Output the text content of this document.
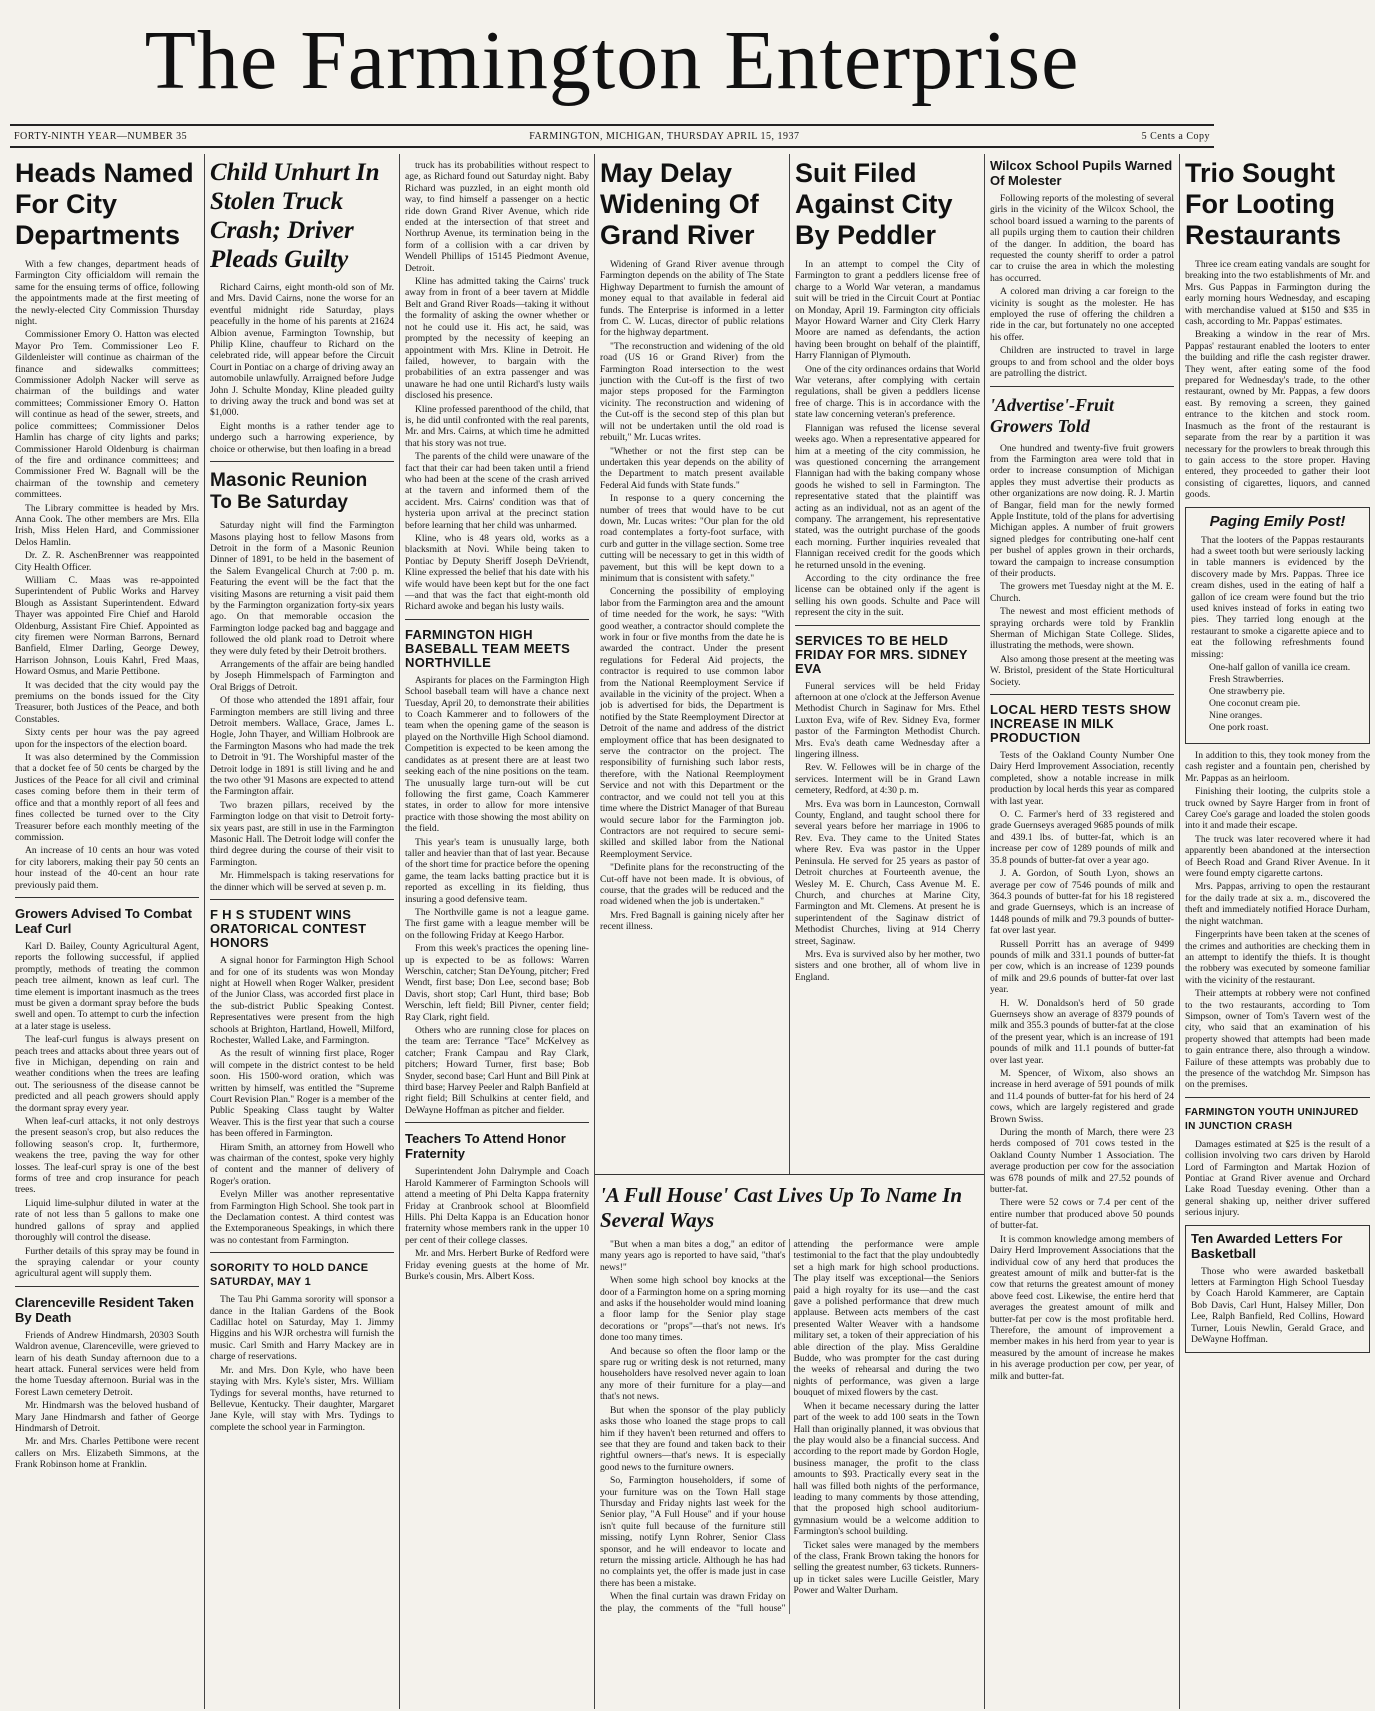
The Farmington Enterprise
FORTY-NINTH YEAR—NUMBER 35	FARMINGTON, MICHIGAN, THURSDAY APRIL 15, 1937	5 Cents a Copy
Heads Named For City Departments

With a few changes, department heads of Farmington City officialdom will remain the same for the ensuing terms of office, following the appointments made at the first meeting of the newly-elected City Commission Thursday night.

Commissioner Emory O. Hatton was elected Mayor Pro Tem. Commissioner Leo F. Gildenleister will continue as chairman of the finance and sidewalks committees; Commissioner Adolph Nacker will serve as chairman of the buildings and water committees; Commissioner Emory O. Hatton will continue as head of the sewer, streets, and police committees; Commissioner Delos Hamlin has charge of city lights and parks; Commissioner Harold Oldenburg is chairman of the fire and ordinance committees; and Commissioner Fred W. Bagnall will be the chairman of the township and cemetery committees.

The Library committee is headed by Mrs. Anna Cook. The other members are Mrs. Ella Irish, Miss Helen Hard, and Commissioner Delos Hamlin.

Dr. Z. R. AschenBrenner was reappointed City Health Officer.

William C. Maas was re-appointed Superintendent of Public Works and Harvey Blough as Assistant Superintendent. Edward Thayer was appointed Fire Chief and Harold Oldenburg, Assistant Fire Chief. Appointed as city firemen were Norman Barrons, Bernard Banfield, Elmer Darling, George Dewey, Harrison Johnson, Louis Kahrl, Fred Maas, Howard Osmus, and Marie Pettibone.

It was decided that the city would pay the premiums on the bonds issued for the City Treasurer, both Justices of the Peace, and both Constables.

Sixty cents per hour was the pay agreed upon for the inspectors of the election board.

It was also determined by the Commission that a docket fee of 50 cents be charged by the Justices of the Peace for all civil and criminal cases coming before them in their term of office and that a monthly report of all fees and fines collected be turned over to the City Treasurer before each monthly meeting of the commission.

An increase of 10 cents an hour was voted for city laborers, making their pay 50 cents an hour instead of the 40-cent an hour rate previously paid them.

Growers Advised To Combat Leaf Curl

Karl D. Bailey, County Agricultural Agent, reports the following successful, if applied promptly, methods of treating the common peach tree ailment, known as leaf curl. The time element is important inasmuch as the trees must be given a dormant spray before the buds swell and open. To attempt to curb the infection at a later stage is useless.

The leaf-curl fungus is always present on peach trees and attacks about three years out of five in Michigan, depending on rain and weather conditions when the trees are leafing out. The seriousness of the disease cannot be predicted and all peach growers should apply the dormant spray every year.

When leaf-curl attacks, it not only destroys the present season's crop, but also reduces the following season's crop. It, furthermore, weakens the tree, paving the way for other losses. The leaf-curl spray is one of the best forms of tree and crop insurance for peach trees.

Liquid lime-sulphur diluted in water at the rate of not less than 5 gallons to make one hundred gallons of spray and applied thoroughly will control the disease.

Further details of this spray may be found in the spraying calendar or your county agricultural agent will supply them.

Clarenceville Resident Taken By Death

Friends of Andrew Hindmarsh, 20303 South Waldron avenue, Clarenceville, were grieved to learn of his death Sunday afternoon due to a heart attack. Funeral services were held from the home Tuesday afternoon. Burial was in the Forest Lawn cemetery Detroit.

Mr. Hindmarsh was the beloved husband of Mary Jane Hindmarsh and father of George Hindmarsh of Detroit.

Mr. and Mrs. Charles Pettibone were recent callers on Mrs. Elizabeth Simmons, at the Frank Robinson home at Franklin.

Child Unhurt In Stolen Truck Crash; Driver Pleads Guilty

Richard Cairns, eight month-old son of Mr. and Mrs. David Cairns, none the worse for an eventful midnight ride Saturday, plays peacefully in the home of his parents at 21624 Albion avenue, Farmington Township, but Philip Kline, chauffeur to Richard on the celebrated ride, will appear before the Circuit Court in Pontiac on a charge of driving away an automobile unlawfully. Arraigned before Judge John J. Schulte Monday, Kline pleaded guilty to driving away the truck and bond was set at $1,000.

Eight months is a rather tender age to undergo such a harrowing experience, by choice or otherwise, but then loafing in a bread

Masonic Reunion To Be Saturday

Saturday night will find the Farmington Masons playing host to fellow Masons from Detroit in the form of a Masonic Reunion Dinner of 1891, to be held in the basement of the Salem Evangelical Church at 7:00 p. m. Featuring the event will be the fact that the visiting Masons are returning a visit paid them by the Farmington organization forty-six years ago. On that memorable occasion the Farmington lodge packed bag and baggage and followed the old plank road to Detroit where they were duly feted by their Detroit brothers.

Arrangements of the affair are being handled by Joseph Himmelspach of Farmington and Oral Briggs of Detroit.

Of those who attended the 1891 affair, four Farmington members are still living and three Detroit members. Wallace, Grace, James L. Hogle, John Thayer, and William Holbrook are the Farmington Masons who had made the trek to Detroit in '91. The Worshipful master of the Detroit lodge in 1891 is still living and he and the two other '91 Masons are expected to attend the Farmington affair.

Two brazen pillars, received by the Farmington lodge on that visit to Detroit forty-six years past, are still in use in the Farmington Masonic Hall. The Detroit lodge will confer the third degree during the course of their visit to Farmington.

Mr. Himmelspach is taking reservations for the dinner which will be served at seven p. m.

F H S STUDENT WINS ORATORICAL CONTEST HONORS

A signal honor for Farmington High School and for one of its students was won Monday night at Howell when Roger Walker, president of the Junior Class, was accorded first place in the sub-district Public Speaking Contest. Representatives were present from the high schools at Brighton, Hartland, Howell, Milford, Rochester, Walled Lake, and Farmington.

As the result of winning first place, Roger will compete in the district contest to be held soon. His 1500-word oration, which was written by himself, was entitled the "Supreme Court Revision Plan." Roger is a member of the Public Speaking Class taught by Walter Weaver. This is the first year that such a course has been offered in Farmington.

Hiram Smith, an attorney from Howell who was chairman of the contest, spoke very highly of content and the manner of delivery of Roger's oration.

Evelyn Miller was another representative from Farmington High School. She took part in the Declamation contest. A third contest was the Extemporaneous Speakings, in which there was no contestant from Farmington.

SORORITY TO HOLD DANCE SATURDAY, MAY 1

The Tau Phi Gamma sorority will sponsor a dance in the Italian Gardens of the Book Cadillac hotel on Saturday, May 1. Jimmy Higgins and his WJR orchestra will furnish the music. Carl Smith and Harry Mackey are in charge of reservations.

Mr. and Mrs. Don Kyle, who have been staying with Mrs. Kyle's sister, Mrs. William Tydings for several months, have returned to Bellevue, Kentucky. Their daughter, Margaret Jane Kyle, will stay with Mrs. Tydings to complete the school year in Farmington.

truck has its probabilities without respect to age, as Richard found out Saturday night. Baby Richard was puzzled, in an eight month old way, to find himself a passenger on a hectic ride down Grand River Avenue, which ride ended at the intersection of that street and Northrup Avenue, its termination being in the form of a collision with a car driven by Wendell Phillips of 15145 Piedmont Avenue, Detroit.

Kline has admitted taking the Cairns' truck away from in front of a beer tavern at Middle Belt and Grand River Roads—taking it without the formality of asking the owner whether or not he could use it. His act, he said, was prompted by the necessity of keeping an appointment with Mrs. Kline in Detroit. He failed, however, to bargain with the probabilities of an extra passenger and was unaware he had one until Richard's lusty wails disclosed his presence.

Kline professed parenthood of the child, that is, he did until confronted with the real parents, Mr. and Mrs. Cairns, at which time he admitted that his story was not true.

The parents of the child were unaware of the fact that their car had been taken until a friend who had been at the scene of the crash arrived at the tavern and informed them of the accident. Mrs. Cairns' condition was that of hysteria upon arrival at the precinct station before learning that her child was unharmed.

Kline, who is 48 years old, works as a blacksmith at Novi. While being taken to Pontiac by Deputy Sheriff Joseph DeVriendt, Kline expressed the belief that his date with his wife would have been kept but for the one fact—and that was the fact that eight-month old Richard awoke and began his lusty wails.

FARMINGTON HIGH BASEBALL TEAM MEETS NORTHVILLE

Aspirants for places on the Farmington High School baseball team will have a chance next Tuesday, April 20, to demonstrate their abilities to Coach Kammerer and to followers of the team when the opening game of the season is played on the Northville High School diamond. Competition is expected to be keen among the candidates as at present there are at least two seeking each of the nine positions on the team. The unusually large turn-out will be cut following the first game, Coach Kammerer states, in order to allow for more intensive practice with those showing the most ability on the field.

This year's team is unusually large, both taller and heavier than that of last year. Because of the short time for practice before the opening game, the team lacks batting practice but it is reported as excelling in its fielding, thus insuring a good defensive team.

The Northville game is not a league game. The first game with a league member will be on the following Friday at Keego Harbor.

From this week's practices the opening line-up is expected to be as follows: Warren Werschin, catcher; Stan DeYoung, pitcher; Fred Wendt, first base; Don Lee, second base; Bob Davis, short stop; Carl Hunt, third base; Bob Werschin, left field; Bill Pivner, center field; Ray Clark, right field.

Others who are running close for places on the team are: Terrance "Tace" McKelvey as catcher; Frank Campau and Ray Clark, pitchers; Howard Turner, first base; Bob Snyder, second base; Carl Hunt and Bill Pink at third base; Harvey Peeler and Ralph Banfield at right field; Bill Schulkins at center field, and DeWayne Hoffman as pitcher and fielder.

Teachers To Attend Honor Fraternity

Superintendent John Dalrymple and Coach Harold Kammerer of Farmington Schools will attend a meeting of Phi Delta Kappa fraternity Friday at Cranbrook school at Bloomfield Hills. Phi Delta Kappa is an Education honor fraternity whose members rank in the upper 10 per cent of their college classes.

Mr. and Mrs. Herbert Burke of Redford were Friday evening guests at the home of Mr. Burke's cousin, Mrs. Albert Koss.

May Delay Widening Of Grand River

Widening of Grand River avenue through Farmington depends on the ability of The State Highway Department to furnish the amount of money equal to that available in federal aid funds. The Enterprise is informed in a letter from C. W. Lucas, director of public relations for the highway department.

"The reconstruction and widening of the old road (US 16 or Grand River) from the Farmington Road intersection to the west junction with the Cut-off is the first of two major steps proposed for the Farmington vicinity. The reconstruction and widening of the Cut-off is the second step of this plan but will not be undertaken until the old road is rebuilt," Mr. Lucas writes.

"Whether or not the first step can be undertaken this year depends on the ability of the Department to match present available Federal Aid funds with State funds."

In response to a query concerning the number of trees that would have to be cut down, Mr. Lucas writes: "Our plan for the old road contemplates a forty-foot surface, with curb and gutter in the village section. Some tree cutting will be necessary to get in this width of pavement, but this will be kept down to a minimum that is consistent with safety."

Concerning the possibility of employing labor from the Farmington area and the amount of time needed for the work, he says: "With good weather, a contractor should complete the work in four or five months from the date he is awarded the contract. Under the present regulations for Federal Aid projects, the contractor is required to use common labor from the National Reemployment Service if available in the vicinity of the project. When a job is advertised for bids, the Department is notified by the State Reemployment Director at Detroit of the name and address of the district employment office that has been designated to serve the contractor on the project. The responsibility of furnishing such labor rests, therefore, with the National Reemployment Service and not with this Department or the contractor, and we could not tell you at this time where the District Manager of that Bureau would secure labor for the Farmington job. Contractors are not required to secure semi-skilled and skilled labor from the National Reemployment Service.

"Definite plans for the reconstructing of the Cut-off have not been made. It is obvious, of course, that the grades will be reduced and the road widened when the job is undertaken."

Mrs. Fred Bagnall is gaining nicely after her recent illness.

Suit Filed Against City By Peddler

In an attempt to compel the City of Farmington to grant a peddlers license free of charge to a World War veteran, a mandamus suit will be tried in the Circuit Court at Pontiac on Monday, April 19. Farmington city officials Mayor Howard Warner and City Clerk Harry Moore are named as defendants, the action having been brought on behalf of the plaintiff, Harry Flannigan of Plymouth.

One of the city ordinances ordains that World War veterans, after complying with certain regulations, shall be given a peddlers license free of charge. This is in accordance with the state law concerning veteran's preference.

Flannigan was refused the license several weeks ago. When a representative appeared for him at a meeting of the city commission, he was questioned concerning the arrangement Flannigan had with the baking company whose goods he wished to sell in Farmington. The representative stated that the plaintiff was acting as an individual, not as an agent of the company. The arrangement, his representative stated, was the outright purchase of the goods each morning. Further inquiries revealed that Flannigan received credit for the goods which he returned unsold in the evening.

According to the city ordinance the free license can be obtained only if the agent is selling his own goods. Schulte and Pace will represent the city in the suit.

SERVICES TO BE HELD FRIDAY FOR MRS. SIDNEY EVA

Funeral services will be held Friday afternoon at one o'clock at the Jefferson Avenue Methodist Church in Saginaw for Mrs. Ethel Luxton Eva, wife of Rev. Sidney Eva, former pastor of the Farmington Methodist Church. Mrs. Eva's death came Wednesday after a lingering illness.

Rev. W. Fellowes will be in charge of the services. Interment will be in Grand Lawn cemetery, Redford, at 4:30 p. m.

Mrs. Eva was born in Launceston, Cornwall County, England, and taught school there for several years before her marriage in 1906 to Rev. Eva. They came to the United States where Rev. Eva was pastor in the Upper Peninsula. He served for 25 years as pastor of Detroit churches at Fourteenth avenue, the Wesley M. E. Church, Cass Avenue M. E. Church, and churches at Marine City, Farmington and Mt. Clemens. At present he is superintendent of the Saginaw district of Methodist Churches, living at 914 Cherry street, Saginaw.

Mrs. Eva is survived also by her mother, two sisters and one brother, all of whom live in England.

'A Full House' Cast Lives Up To Name In Several Ways

"But when a man bites a dog," an editor of many years ago is reported to have said, "that's news!"

When some high school boy knocks at the door of a Farmington home on a spring morning and asks if the householder would mind loaning a floor lamp for the Senior play stage decorations or "props"—that's not news. It's done too many times.

And because so often the floor lamp or the spare rug or writing desk is not returned, many householders have resolved never again to loan any more of their furniture for a play—and that's not news.

But when the sponsor of the play publicly asks those who loaned the stage props to call him if they haven't been returned and offers to see that they are found and taken back to their rightful owners—that's news. It is especially good news to the furniture owners.

So, Farmington householders, if some of your furniture was on the Town Hall stage Thursday and Friday nights last week for the Senior play, "A Full House" and if your house isn't quite full because of the furniture still missing, notify Lynn Rohrer, Senior Class sponsor, and he will endeavor to locate and return the missing article. Although he has had no complaints yet, the offer is made just in case there has been a mistake.

When the final curtain was drawn Friday on the play, the comments of the "full house" attending the performance were ample testimonial to the fact that the play undoubtedly set a high mark for high school productions. The play itself was exceptional—the Seniors paid a high royalty for its use—and the cast gave a polished performance that drew much applause. Between acts members of the cast presented Walter Weaver with a handsome military set, a token of their appreciation of his able direction of the play. Miss Geraldine Budde, who was prompter for the cast during the weeks of rehearsal and during the two nights of performance, was given a large bouquet of mixed flowers by the cast.

When it became necessary during the latter part of the week to add 100 seats in the Town Hall than originally planned, it was obvious that the play would also be a financial success. And according to the report made by Gordon Hogle, business manager, the profit to the class amounts to $93. Practically every seat in the hall was filled both nights of the performance, leading to many comments by those attending, that the proposed high school auditorium-gymnasium would be a welcome addition to Farmington's school building.

Ticket sales were managed by the members of the class, Frank Brown taking the honors for selling the greatest number, 63 tickets. Runners-up in ticket sales were Lucille Geistler, Mary Power and Walter Durham.

Wilcox School Pupils Warned Of Molester

Following reports of the molesting of several girls in the vicinity of the Wilcox School, the school board issued a warning to the parents of all pupils urging them to caution their children of the danger. In addition, the board has requested the county sheriff to order a patrol car to cruise the area in which the molesting has occurred.

A colored man driving a car foreign to the vicinity is sought as the molester. He has employed the ruse of offering the children a ride in the car, but fortunately no one accepted his offer.

Children are instructed to travel in large groups to and from school and the older boys are patrolling the district.

'Advertise'-Fruit Growers Told

One hundred and twenty-five fruit growers from the Farmington area were told that in order to increase consumption of Michigan apples they must advertise their products as other organizations are now doing. R. J. Martin of Bangar, field man for the newly formed Apple Institute, told of the plans for advertising Michigan apples. A number of fruit growers signed pledges for contributing one-half cent per bushel of apples grown in their orchards, toward the campaign to increase consumption of their products.

The growers met Tuesday night at the M. E. Church.

The newest and most efficient methods of spraying orchards were told by Franklin Sherman of Michigan State College. Slides, illustrating the methods, were shown.

Also among those present at the meeting was W. Bristol, president of the State Horticultural Society.

LOCAL HERD TESTS SHOW INCREASE IN MILK PRODUCTION

Tests of the Oakland County Number One Dairy Herd Improvement Association, recently completed, show a notable increase in milk production by local herds this year as compared with last year.

O. C. Farmer's herd of 33 registered and grade Guernseys averaged 9685 pounds of milk and 439.1 lbs. of butter-fat, which is an increase per cow of 1289 pounds of milk and 35.8 pounds of butter-fat over a year ago.

J. A. Gordon, of South Lyon, shows an average per cow of 7546 pounds of milk and 364.3 pounds of butter-fat for his 18 registered and grade Guernseys, which is an increase of 1448 pounds of milk and 79.3 pounds of butter-fat over last year.

Russell Porritt has an average of 9499 pounds of milk and 331.1 pounds of butter-fat per cow, which is an increase of 1239 pounds of milk and 29.6 pounds of butter-fat over last year.

H. W. Donaldson's herd of 50 grade Guernseys show an average of 8379 pounds of milk and 355.3 pounds of butter-fat at the close of the present year, which is an increase of 191 pounds of milk and 11.1 pounds of butter-fat over last year.

M. Spencer, of Wixom, also shows an increase in herd average of 591 pounds of milk and 11.4 pounds of butter-fat for his herd of 24 cows, which are largely registered and grade Brown Swiss.

During the month of March, there were 23 herds composed of 701 cows tested in the Oakland County Number 1 Association. The average production per cow for the association was 678 pounds of milk and 27.52 pounds of butter-fat.

There were 52 cows or 7.4 per cent of the entire number that produced above 50 pounds of butter-fat.

It is common knowledge among members of Dairy Herd Improvement Associations that the individual cow of any herd that produces the greatest amount of milk and butter-fat is the cow that returns the greatest amount of money above feed cost. Likewise, the entire herd that averages the greatest amount of milk and butter-fat per cow is the most profitable herd. Therefore, the amount of improvement a member makes in his herd from year to year is measured by the amount of increase he makes in his average production per cow, per year, of milk and butter-fat.

Trio Sought For Looting Restaurants

Three ice cream eating vandals are sought for breaking into the two establishments of Mr. and Mrs. Gus Pappas in Farmington during the early morning hours Wednesday, and escaping with merchandise valued at $150 and $35 in cash, according to Mr. Pappas' estimates.

Breaking a window in the rear of Mrs. Pappas' restaurant enabled the looters to enter the building and rifle the cash register drawer. They went, after eating some of the food prepared for Wednesday's trade, to the other restaurant, owned by Mr. Pappas, a few doors east. By removing a screen, they gained entrance to the kitchen and stock room. Inasmuch as the front of the restaurant is separate from the rear by a partition it was necessary for the prowlers to break through this to gain access to the store proper. Having entered, they proceeded to gather their loot consisting of cigarettes, liquors, and canned goods.

Paging Emily Post!

That the looters of the Pappas restaurants had a sweet tooth but were seriously lacking in table manners is evidenced by the discovery made by Mrs. Pappas. Three ice cream dishes, used in the eating of half a gallon of ice cream were found but the trio used knives instead of forks in eating two pies. They tarried long enough at the restaurant to smoke a cigarette apiece and to eat the following refreshments found missing:

One-half gallon of vanilla ice cream.
Fresh Strawberries.
One strawberry pie.
One coconut cream pie.
Nine oranges.
One pork roast.

In addition to this, they took money from the cash register and a fountain pen, cherished by Mr. Pappas as an heirloom.

Finishing their looting, the culprits stole a truck owned by Sayre Harger from in front of Carey Coe's garage and loaded the stolen goods into it and made their escape.

The truck was later recovered where it had apparently been abandoned at the intersection of Beech Road and Grand River Avenue. In it were found empty cigarette cartons.

Mrs. Pappas, arriving to open the restaurant for the daily trade at six a. m., discovered the theft and immediately notified Horace Durham, the night watchman.

Fingerprints have been taken at the scenes of the crimes and authorities are checking them in an attempt to identify the thiefs. It is thought the robbery was executed by someone familiar with the vicinity of the restaurant.

Their attempts at robbery were not confined to the two restaurants, according to Tom Simpson, owner of Tom's Tavern west of the city, who said that an examination of his property showed that attempts had been made to gain entrance there, also through a window. Failure of these attempts was probably due to the presence of the watchdog Mr. Simpson has on the premises.

FARMINGTON YOUTH UNINJURED IN JUNCTION CRASH

Damages estimated at $25 is the result of a collision involving two cars driven by Harold Lord of Farmington and Martak Hozion of Pontiac at Grand River avenue and Orchard Lake Road Tuesday evening. Other than a general shaking up, neither driver suffered serious injury.

Ten Awarded Letters For Basketball

Those who were awarded basketball letters at Farmington High School Tuesday by Coach Harold Kammerer, are Captain Bob Davis, Carl Hunt, Halsey Miller, Don Lee, Ralph Banfield, Red Collins, Howard Turner, Louis Newlin, Gerald Grace, and DeWayne Hoffman.
